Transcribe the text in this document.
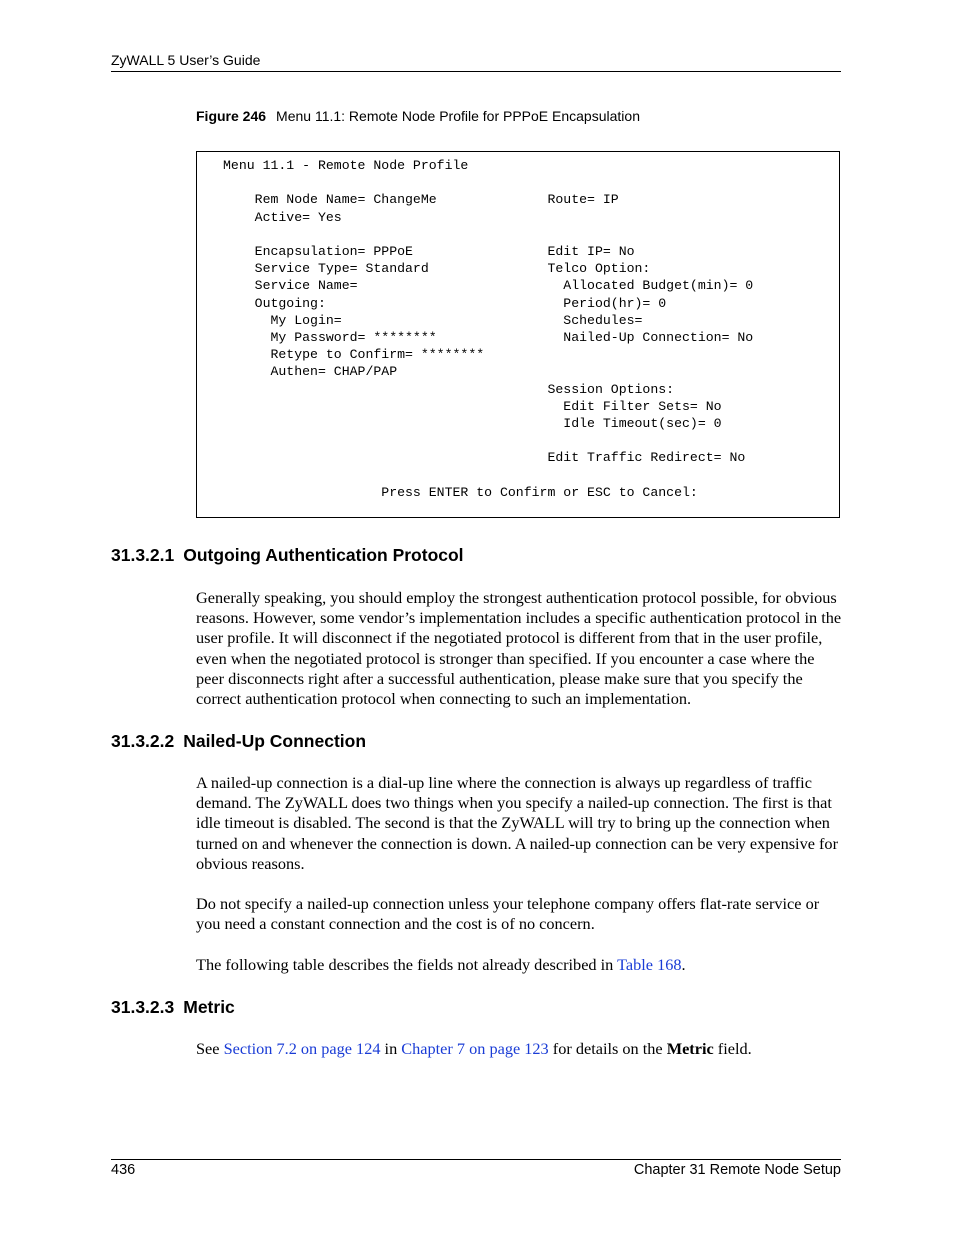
ZyWALL 5 User’s Guide
Figure 246 Menu 11.1: Remote Node Profile for PPPoE Encapsulation
Menu 11.1 - Remote Node Profile

Rem Node Name= ChangeMe              Route= IP
Active= Yes

Encapsulation= PPPoE                 Edit IP= No
Service Type= Standard               Telco Option:
Service Name=                          Allocated Budget(min)= 0
Outgoing:                              Period(hr)= 0
My Login=                            Schedules=
My Password= ********                Nailed-Up Connection= No
Retype to Confirm= ********
Authen= CHAP/PAP
Session Options:
Edit Filter Sets= No
Idle Timeout(sec)= 0

Edit Traffic Redirect= No

Press ENTER to Confirm or ESC to Cancel:
31.3.2.1 Outgoing Authentication Protocol
Generally speaking, you should employ the strongest authentication protocol possible, for obvious reasons. However, some vendor’s implementation includes a specific authentication protocol in the user profile. It will disconnect if the negotiated protocol is different from that in the user profile, even when the negotiated protocol is stronger than specified. If you encounter a case where the peer disconnects right after a successful authentication, please make sure that you specify the correct authentication protocol when connecting to such an implementation.
31.3.2.2 Nailed-Up Connection
A nailed-up connection is a dial-up line where the connection is always up regardless of traffic demand. The ZyWALL does two things when you specify a nailed-up connection. The first is that idle timeout is disabled. The second is that the ZyWALL will try to bring up the connection when turned on and whenever the connection is down. A nailed-up connection can be very expensive for obvious reasons.
Do not specify a nailed-up connection unless your telephone company offers flat-rate service or you need a constant connection and the cost is of no concern.
The following table describes the fields not already described in Table 168.
31.3.2.3 Metric
See Section 7.2 on page 124 in Chapter 7 on page 123 for details on the Metric field.
436	Chapter 31 Remote Node Setup
